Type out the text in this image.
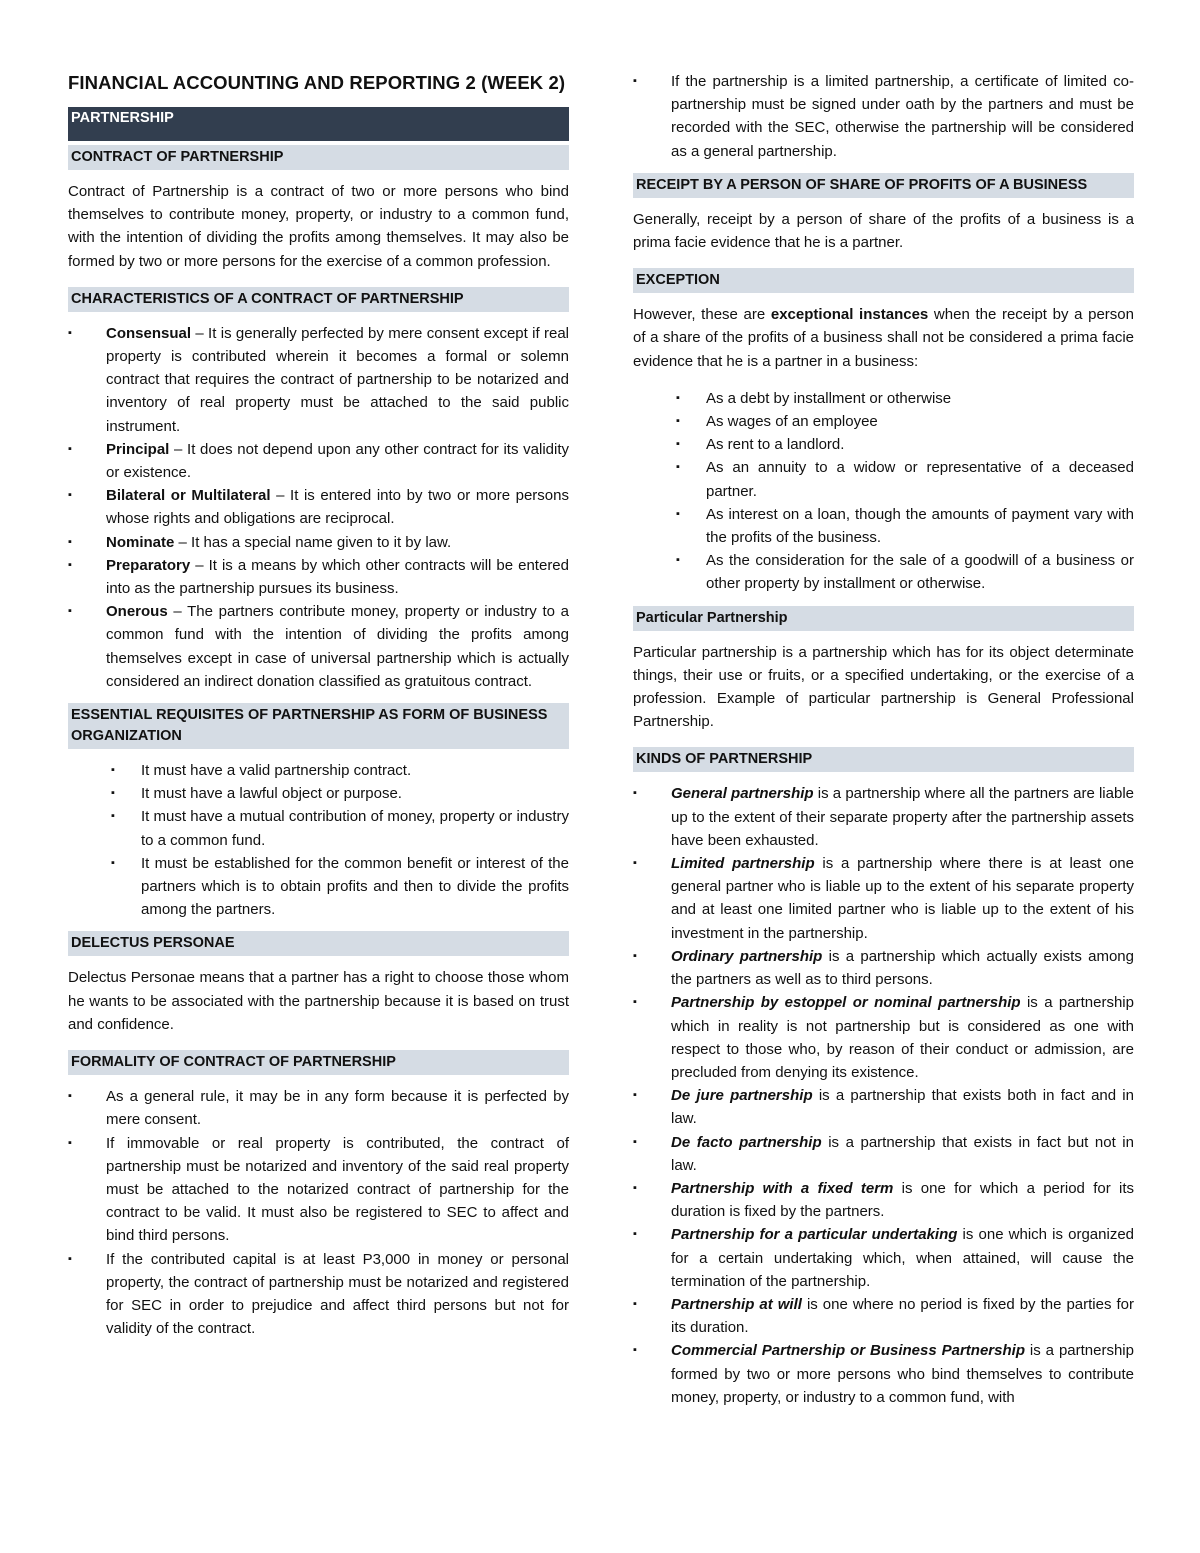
FINANCIAL ACCOUNTING AND REPORTING 2 (WEEK 2)
PARTNERSHIP
CONTRACT OF PARTNERSHIP

Contract of Partnership is a contract of two or more persons who bind themselves to contribute money, property, or industry to a common fund, with the intention of dividing the profits among themselves. It may also be formed by two or more persons for the exercise of a common profession.

CHARACTERISTICS OF A CONTRACT OF PARTNERSHIP
▪ Consensual – It is generally perfected by mere consent except if real property is contributed wherein it becomes a formal or solemn contract that requires the contract of partnership to be notarized and inventory of real property must be attached to the said public instrument.
▪ Principal – It does not depend upon any other contract for its validity or existence.
▪ Bilateral or Multilateral – It is entered into by two or more persons whose rights and obligations are reciprocal.
▪ Nominate – It has a special name given to it by law.
▪ Preparatory – It is a means by which other contracts will be entered into as the partnership pursues its business.
▪ Onerous – The partners contribute money, property or industry to a common fund with the intention of dividing the profits among themselves except in case of universal partnership which is actually considered an indirect donation classified as gratuitous contract.
ESSENTIAL REQUISITES OF PARTNERSHIP AS FORM OF BUSINESS ORGANIZATION
▪ It must have a valid partnership contract.
▪ It must have a lawful object or purpose.
▪ It must have a mutual contribution of money, property or industry to a common fund.
▪ It must be established for the common benefit or interest of the partners which is to obtain profits and then to divide the profits among the partners.
DELECTUS PERSONAE

Delectus Personae means that a partner has a right to choose those whom he wants to be associated with the partnership because it is based on trust and confidence.

FORMALITY OF CONTRACT OF PARTNERSHIP
▪ As a general rule, it may be in any form because it is perfected by mere consent.
▪ If immovable or real property is contributed, the contract of partnership must be notarized and inventory of the said real property must be attached to the notarized contract of partnership for the contract to be valid. It must also be registered to SEC to affect and bind third persons.
▪ If the contributed capital is at least P3,000 in money or personal property, the contract of partnership must be notarized and registered for SEC in order to prejudice and affect third persons but not for validity of the contract.
▪ If the partnership is a limited partnership, a certificate of limited co-partnership must be signed under oath by the partners and must be recorded with the SEC, otherwise the partnership will be considered as a general partnership.
RECEIPT BY A PERSON OF SHARE OF PROFITS OF A BUSINESS

Generally, receipt by a person of share of the profits of a business is a prima facie evidence that he is a partner.

EXCEPTION

However, these are exceptional instances when the receipt by a person of a share of the profits of a business shall not be considered a prima facie evidence that he is a partner in a business:

▪ As a debt by installment or otherwise
▪ As wages of an employee
▪ As rent to a landlord.
▪ As an annuity to a widow or representative of a deceased partner.
▪ As interest on a loan, though the amounts of payment vary with the profits of the business.
▪ As the consideration for the sale of a goodwill of a business or other property by installment or otherwise.
Particular Partnership

Particular partnership is a partnership which has for its object determinate things, their use or fruits, or a specified undertaking, or the exercise of a profession. Example of particular partnership is General Professional Partnership.

KINDS OF PARTNERSHIP
▪ General partnership is a partnership where all the partners are liable up to the extent of their separate property after the partnership assets have been exhausted.
▪ Limited partnership is a partnership where there is at least one general partner who is liable up to the extent of his separate property and at least one limited partner who is liable up to the extent of his investment in the partnership.
▪ Ordinary partnership is a partnership which actually exists among the partners as well as to third persons.
▪ Partnership by estoppel or nominal partnership is a partnership which in reality is not partnership but is considered as one with respect to those who, by reason of their conduct or admission, are precluded from denying its existence.
▪ De jure partnership is a partnership that exists both in fact and in law.
▪ De facto partnership is a partnership that exists in fact but not in law.
▪ Partnership with a fixed term is one for which a period for its duration is fixed by the partners.
▪ Partnership for a particular undertaking is one which is organized for a certain undertaking which, when attained, will cause the termination of the partnership.
▪ Partnership at will is one where no period is fixed by the parties for its duration.
▪ Commercial Partnership or Business Partnership is a partnership formed by two or more persons who bind themselves to contribute money, property, or industry to a common fund, with
